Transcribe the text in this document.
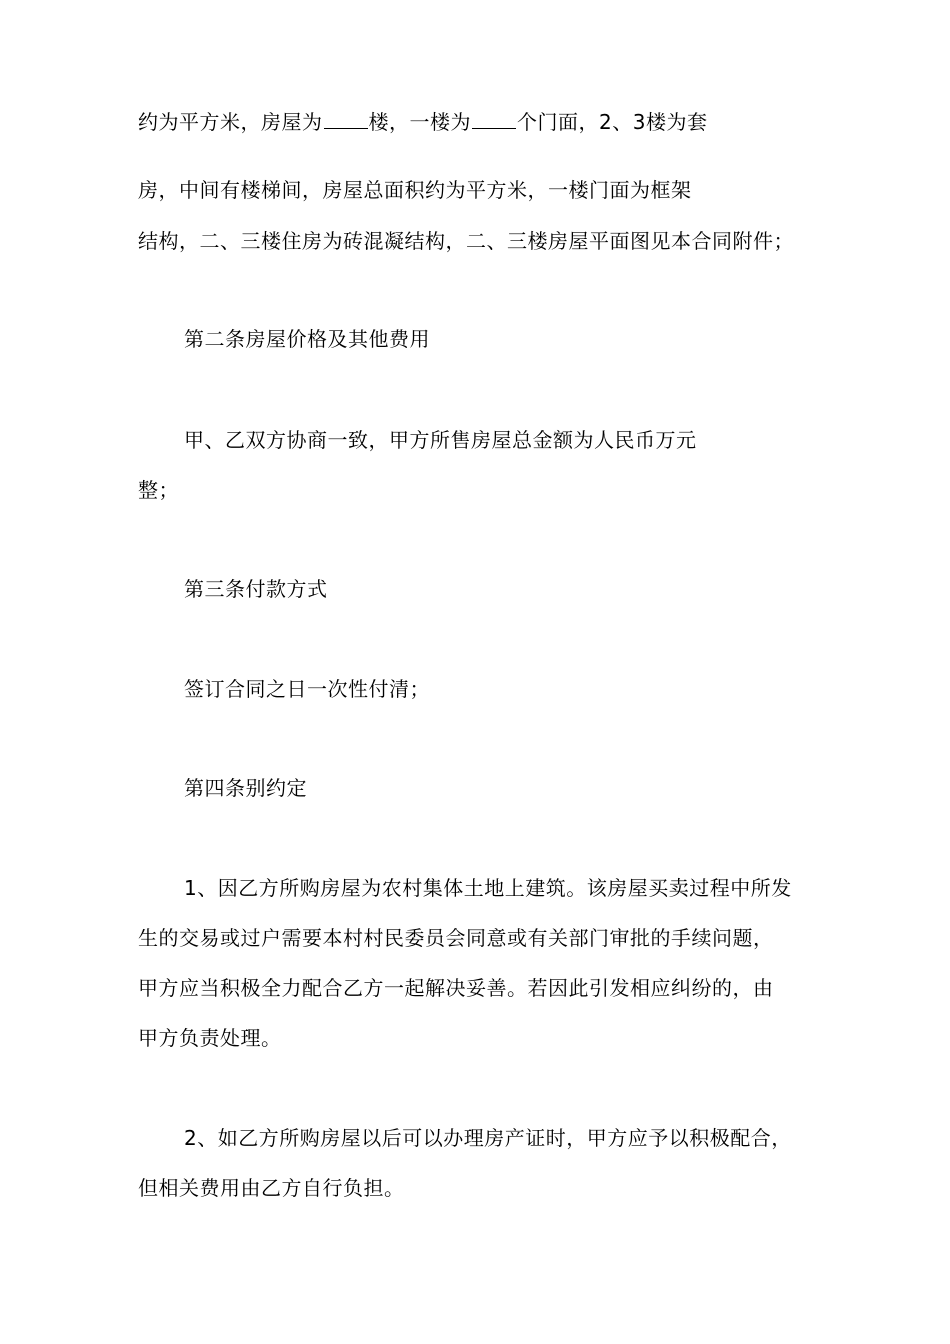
约为平方米，房屋为 楼，一楼为 个门面，2、3楼为套
房，中间有楼梯间，房屋总面积约为平方米，一楼门面为框架
结构，二、三楼住房为砖混凝结构，二、三楼房屋平面图见本合同附件；
第二条房屋价格及其他费用
甲、乙双方协商一致，甲方所售房屋总金额为人民币万元
整；
第三条付款方式
签订合同之日一次性付清；
第四条别约定
1、因乙方所购房屋为农村集体土地上建筑。该房屋买卖过程中所发
生的交易或过户需要本村村民委员会同意或有关部门审批的手续问题，
甲方应当积极全力配合乙方一起解决妥善。若因此引发相应纠纷的，由
甲方负责处理。
2、如乙方所购房屋以后可以办理房产证时，甲方应予以积极配合，
但相关费用由乙方自行负担。
